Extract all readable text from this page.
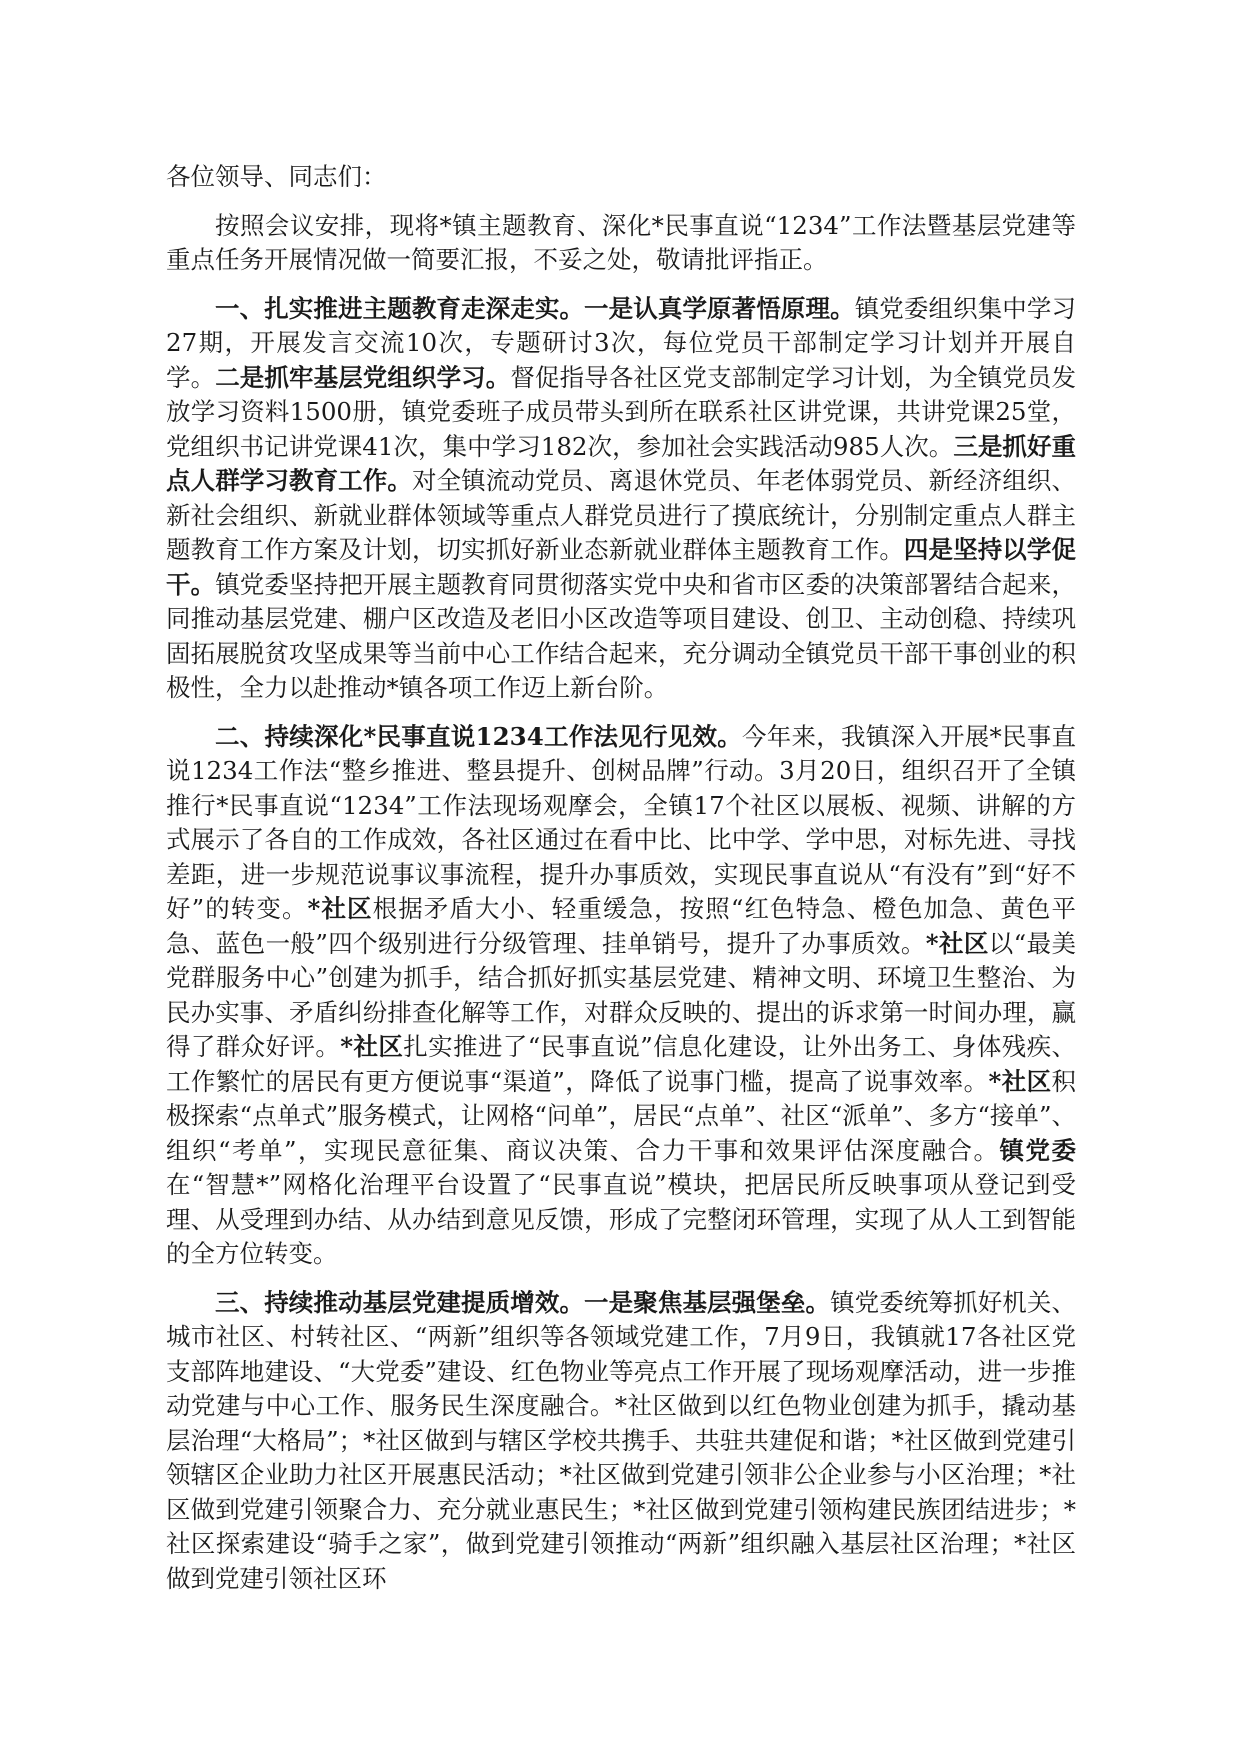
各位领导、同志们：
按照会议安排，现将*镇主题教育、深化*民事直说“1234”工作法暨基层党建等重点任务开展情况做一简要汇报，不妥之处，敬请批评指正。
一、扎实推进主题教育走深走实。一是认真学原著悟原理。镇党委组织集中学习27期，开展发言交流10次，专题研讨3次，每位党员干部制定学习计划并开展自学。二是抓牢基层党组织学习。督促指导各社区党支部制定学习计划，为全镇党员发放学习资料1500册，镇党委班子成员带头到所在联系社区讲党课，共讲党课25堂，党组织书记讲党课41次，集中学习182次，参加社会实践活动985人次。三是抓好重点人群学习教育工作。对全镇流动党员、离退休党员、年老体弱党员、新经济组织、新社会组织、新就业群体领域等重点人群党员进行了摸底统计，分别制定重点人群主题教育工作方案及计划，切实抓好新业态新就业群体主题教育工作。四是坚持以学促干。镇党委坚持把开展主题教育同贯彻落实党中央和省市区委的决策部署结合起来，同推动基层党建、棚户区改造及老旧小区改造等项目建设、创卫、主动创稳、持续巩固拓展脱贫攻坚成果等当前中心工作结合起来，充分调动全镇党员干部干事创业的积极性，全力以赴推动*镇各项工作迈上新台阶。
二、持续深化*民事直说1234工作法见行见效。今年来，我镇深入开展*民事直说1234工作法“整乡推进、整县提升、创树品牌”行动。3月20日，组织召开了全镇推行*民事直说“1234”工作法现场观摩会，全镇17个社区以展板、视频、讲解的方式展示了各自的工作成效，各社区通过在看中比、比中学、学中思，对标先进、寻找差距，进一步规范说事议事流程，提升办事质效，实现民事直说从“有没有”到“好不好”的转变。*社区根据矛盾大小、轻重缓急，按照“红色特急、橙色加急、黄色平急、蓝色一般”四个级别进行分级管理、挂单销号，提升了办事质效。*社区以“最美党群服务中心”创建为抓手，结合抓好抓实基层党建、精神文明、环境卫生整治、为民办实事、矛盾纠纷排查化解等工作，对群众反映的、提出的诉求第一时间办理，赢得了群众好评。*社区扎实推进了“民事直说”信息化建设，让外出务工、身体残疾、工作繁忙的居民有更方便说事“渠道”，降低了说事门槛，提高了说事效率。*社区积极探索“点单式”服务模式，让网格“问单”，居民“点单”、社区“派单”、多方“接单”、组织“考单”，实现民意征集、商议决策、合力干事和效果评估深度融合。镇党委在“智慧*”网格化治理平台设置了“民事直说”模块，把居民所反映事项从登记到受理、从受理到办结、从办结到意见反馈，形成了完整闭环管理，实现了从人工到智能的全方位转变。
三、持续推动基层党建提质增效。一是聚焦基层强堡垒。镇党委统筹抓好机关、城市社区、村转社区、“两新”组织等各领域党建工作，7月9日，我镇就17各社区党支部阵地建设、“大党委”建设、红色物业等亮点工作开展了现场观摩活动，进一步推动党建与中心工作、服务民生深度融合。*社区做到以红色物业创建为抓手，撬动基层治理“大格局”；*社区做到与辖区学校共携手、共驻共建促和谐；*社区做到党建引领辖区企业助力社区开展惠民活动；*社区做到党建引领非公企业参与小区治理；*社区做到党建引领聚合力、充分就业惠民生；*社区做到党建引领构建民族团结进步；*社区探索建设“骑手之家”，做到党建引领推动“两新”组织融入基层社区治理；*社区做到党建引领社区环
